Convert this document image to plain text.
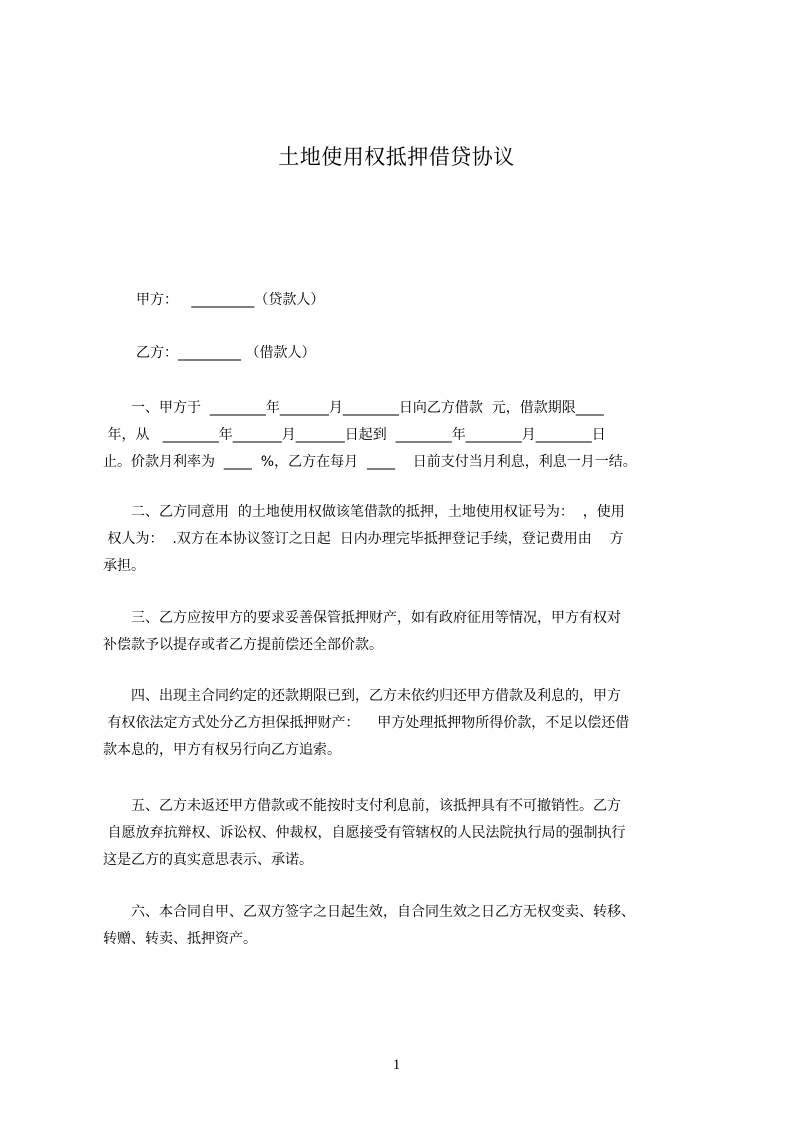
土地使用权抵押借贷协议
甲方：   _________（贷款人）
乙方：_________ （借款人）
　　一、甲方于  ________年_______月________日向乙方借款  元，借款期限____
年，从   ________年_______月_______日起到  ________年________月________日
止。价款月利率为  ____  %，乙方在每月  ____    日前支付当月利息，利息一月一结。
　　二、乙方同意用  的土地使用权做该笔借款的抵押，土地使用权证号为：  ，使用
权人为：  .双方在本协议签订之日起  日内办理完毕抵押登记手续，登记费用由    方
承担。
　　三、乙方应按甲方的要求妥善保管抵押财产，如有政府征用等情况，甲方有权对
补偿款予以提存或者乙方提前偿还全部价款。
　　四、出现主合同约定的还款期限已到，乙方未依约归还甲方借款及利息的，甲方
有权依法定方式处分乙方担保抵押财产：    甲方处理抵押物所得价款，不足以偿还借
款本息的，甲方有权另行向乙方追索。
　　五、乙方未返还甲方借款或不能按时支付利息前，该抵押具有不可撤销性。乙方
自愿放弃抗辩权、诉讼权、仲裁权，自愿接受有管辖权的人民法院执行局的强制执行
这是乙方的真实意思表示、承诺。
　　六、本合同自甲、乙双方签字之日起生效，自合同生效之日乙方无权变卖、转移、
转赠、转卖、抵押资产。
1
